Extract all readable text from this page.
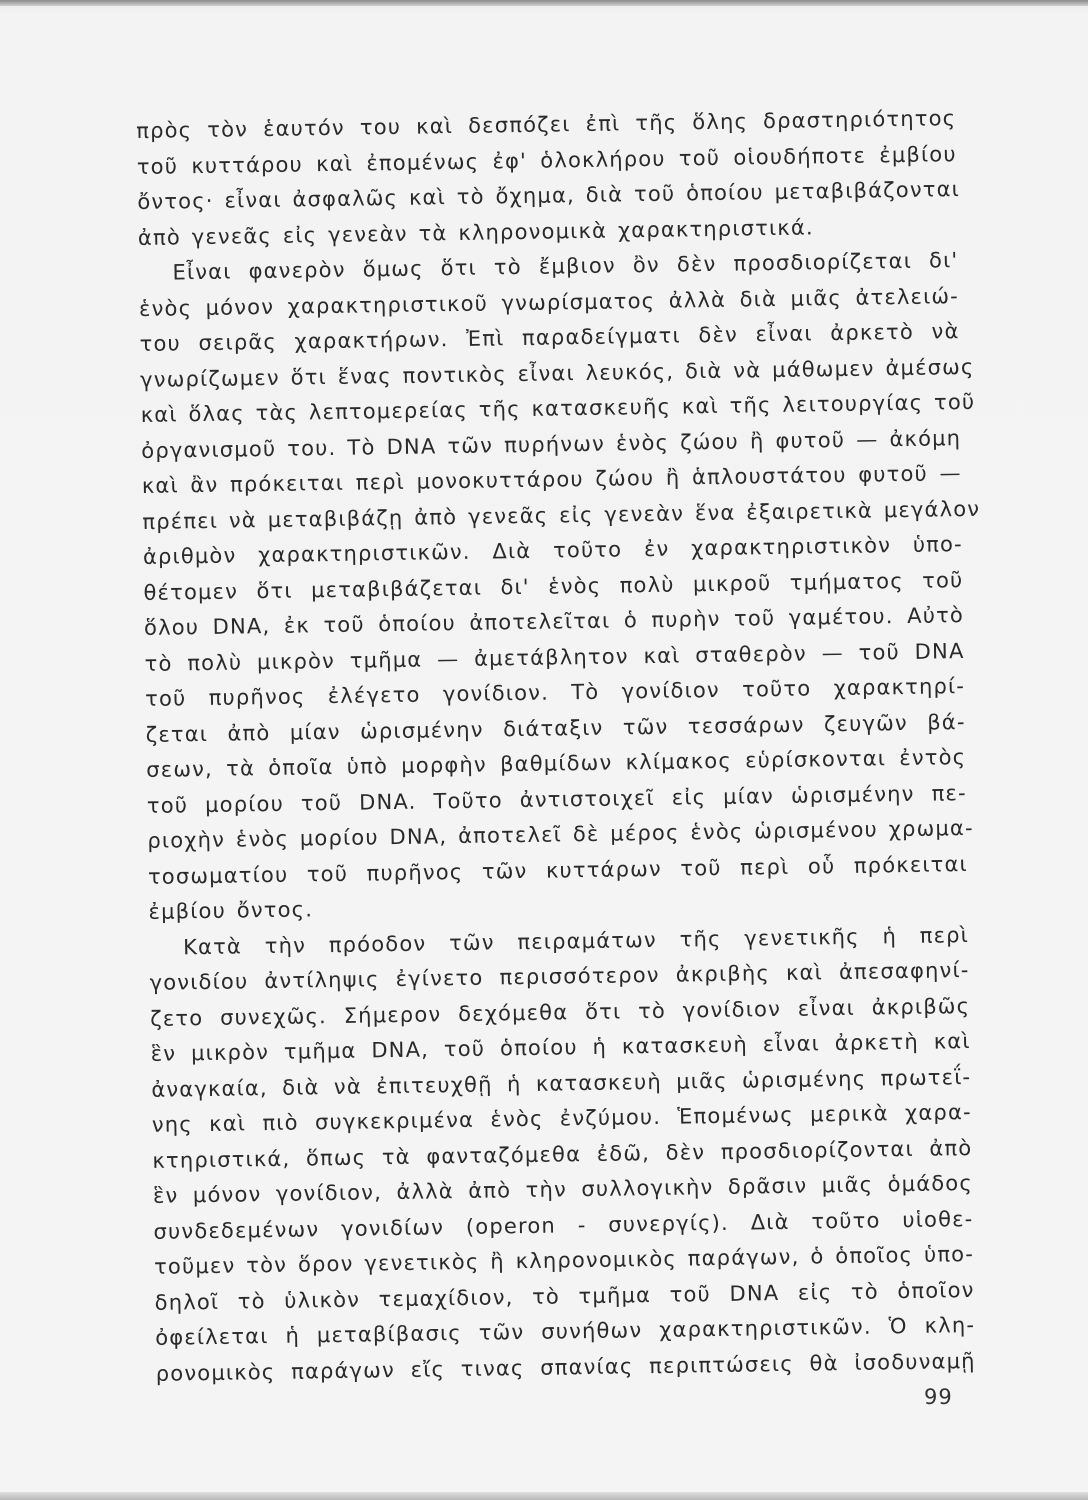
πρὸς τὸν ἑαυτόν του καὶ δεσπόζει ἐπὶ τῆς ὅλης δραστηριότητος
τοῦ κυττάρου καὶ ἐπομένως ἐφ' ὁλοκλήρου τοῦ οἱουδήποτε ἐμβίου
ὄντος· εἶναι ἀσφαλῶς καὶ τὸ ὄχημα, διὰ τοῦ ὁποίου μεταβιβάζονται
ἀπὸ γενεᾶς εἰς γενεὰν τὰ κληρονομικὰ χαρακτηριστικά.
Εἶναι φανερὸν ὅμως ὅτι τὸ ἔμβιον ὂν δὲν προσδιορίζεται δι'
ἑνὸς μόνον χαρακτηριστικοῦ γνωρίσματος ἀλλὰ διὰ μιᾶς ἀτελειώ-
του σειρᾶς χαρακτήρων. Ἐπὶ παραδείγματι δὲν εἶναι ἀρκετὸ νὰ
γνωρίζωμεν ὅτι ἕνας ποντικὸς εἶναι λευκός, διὰ νὰ μάθωμεν ἀμέσως
καὶ ὅλας τὰς λεπτομερείας τῆς κατασκευῆς καὶ τῆς λειτουργίας τοῦ
ὀργανισμοῦ του. Τὸ DNA τῶν πυρήνων ἑνὸς ζώου ἢ φυτοῦ — ἀκόμη
καὶ ἂν πρόκειται περὶ μονοκυττάρου ζώου ἢ ἁπλουστάτου φυτοῦ —
πρέπει νὰ μεταβιβάζῃ ἀπὸ γενεᾶς εἰς γενεὰν ἕνα ἐξαιρετικὰ μεγάλον
ἀριθμὸν χαρακτηριστικῶν. Διὰ τοῦτο ἐν χαρακτηριστικὸν ὑπο-
θέτομεν ὅτι μεταβιβάζεται δι' ἑνὸς πολὺ μικροῦ τμήματος τοῦ
ὅλου DNA, ἐκ τοῦ ὁποίου ἀποτελεῖται ὁ πυρὴν τοῦ γαμέτου. Αὐτὸ
τὸ πολὺ μικρὸν τμῆμα — ἀμετάβλητον καὶ σταθερὸν — τοῦ DNA
τοῦ πυρῆνος ἐλέγετο γονίδιον. Τὸ γονίδιον τοῦτο χαρακτηρί-
ζεται ἀπὸ μίαν ὡρισμένην διάταξιν τῶν τεσσάρων ζευγῶν βά-
σεων, τὰ ὁποῖα ὑπὸ μορφὴν βαθμίδων κλίμακος εὑρίσκονται ἐντὸς
τοῦ μορίου τοῦ DNA. Τοῦτο ἀντιστοιχεῖ εἰς μίαν ὡρισμένην πε-
ριοχὴν ἑνὸς μορίου DNA, ἀποτελεῖ δὲ μέρος ἑνὸς ὡρισμένου χρωμα-
τοσωματίου τοῦ πυρῆνος τῶν κυττάρων τοῦ περὶ οὗ πρόκειται
ἐμβίου ὄντος.
Κατὰ τὴν πρόοδον τῶν πειραμάτων τῆς γενετικῆς ἡ περὶ
γονιδίου ἀντίληψις ἐγίνετο περισσότερον ἀκριβὴς καὶ ἀπεσαφηνί-
ζετο συνεχῶς. Σήμερον δεχόμεθα ὅτι τὸ γονίδιον εἶναι ἀκριβῶς
ἓν μικρὸν τμῆμα DNA, τοῦ ὁποίου ἡ κατασκευὴ εἶναι ἀρκετὴ καὶ
ἀναγκαία, διὰ νὰ ἐπιτευχθῇ ἡ κατασκευὴ μιᾶς ὡρισμένης πρωτεΐ-
νης καὶ πιὸ συγκεκριμένα ἑνὸς ἐνζύμου. Ἑπομένως μερικὰ χαρα-
κτηριστικά, ὅπως τὰ φανταζόμεθα ἐδῶ, δὲν προσδιορίζονται ἀπὸ
ἓν μόνον γονίδιον, ἀλλὰ ἀπὸ τὴν συλλογικὴν δρᾶσιν μιᾶς ὁμάδος
συνδεδεμένων γονιδίων (operon - συνεργίς). Διὰ τοῦτο υἱοθε-
τοῦμεν τὸν ὅρον γενετικὸς ἢ κληρονομικὸς παράγων, ὁ ὁποῖος ὑπο-
δηλοῖ τὸ ὑλικὸν τεμαχίδιον, τὸ τμῆμα τοῦ DNA εἰς τὸ ὁποῖον
ὀφείλεται ἡ μεταβίβασις τῶν συνήθων χαρακτηριστικῶν. Ὁ κλη-
ρονομικὸς παράγων εἴς τινας σπανίας περιπτώσεις θὰ ἰσοδυναμῇ
99
